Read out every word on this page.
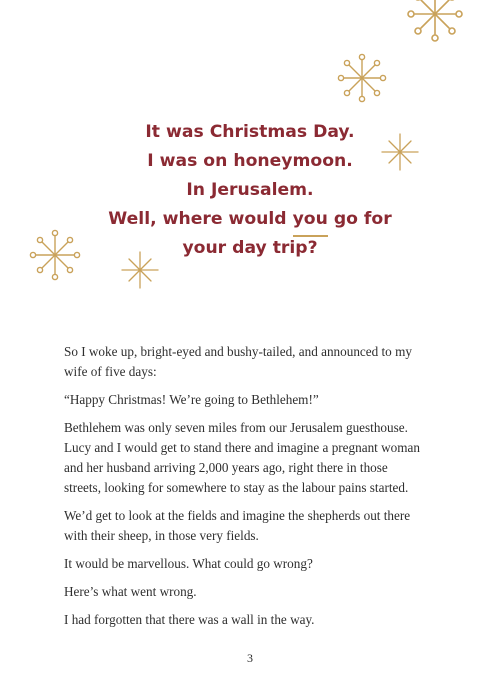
It was Christmas Day.
I was on honeymoon.
In Jerusalem.
Well, where would you go for
your day trip?

So I woke up, bright-eyed and bushy-tailed, and announced to my
wife of five days:

“Happy Christmas! We’re going to Bethlehem!”

Bethlehem was only seven miles from our Jerusalem guesthouse.
Lucy and I would get to stand there and imagine a pregnant woman
and her husband arriving 2,000 years ago, right there in those
streets, looking for somewhere to stay as the labour pains started.

We’d get to look at the fields and imagine the shepherds out there
with their sheep, in those very fields.

It would be marvellous. What could go wrong?

Here’s what went wrong.

I had forgotten that there was a wall in the way.

3
